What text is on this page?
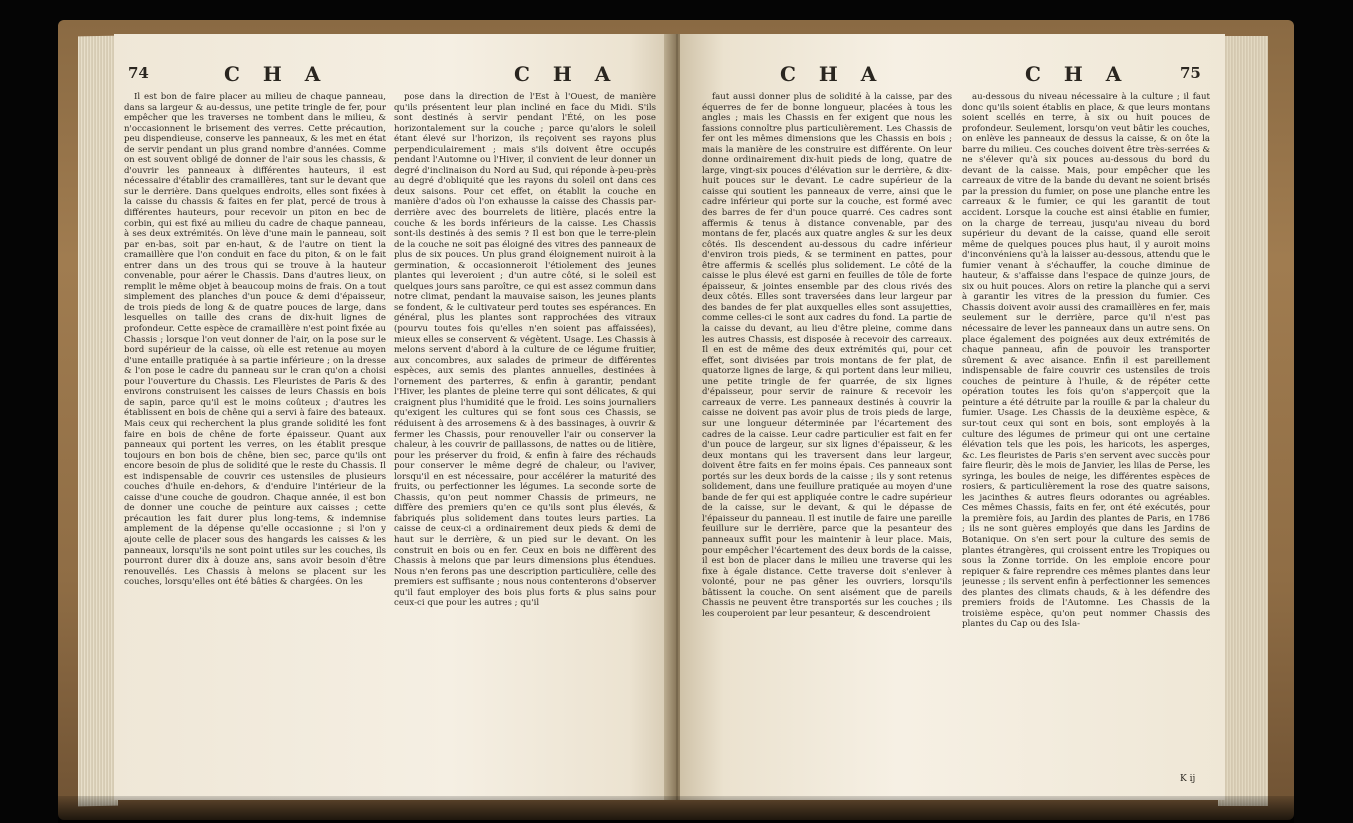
74	C H A	C H A

Il est bon de faire placer au milieu de chaque panneau, dans sa largeur & au-dessus, une petite tringle de fer, pour empêcher que les traverses ne tombent dans le milieu, & n'occasionnent le brisement des verres. Cette précaution, peu dispendieuse, conserve les panneaux, & les met en état de servir pendant un plus grand nombre d'années. Comme on est souvent obligé de donner de l'air sous les chassis, & d'ouvrir les panneaux à différentes hauteurs, il est nécessaire d'établir des cramaillères, tant sur le devant que sur le derrière. Dans quelques endroits, elles sont fixées à la caisse du chassis & faites en fer plat, percé de trous à différentes hauteurs, pour recevoir un piton en bec de corbin, qui est fixé au milieu du cadre de chaque panneau, à ses deux extrémités. On lève d'une main le panneau, soit par en-bas, soit par en-haut, & de l'autre on tient la cramaillère que l'on conduit en face du piton, & on le fait entrer dans un des trous qui se trouve à la hauteur convenable, pour aérer le Chassis. Dans d'autres lieux, on remplit le même objet à beaucoup moins de frais. On a tout simplement des planches d'un pouce & demi d'épaisseur, de trois pieds de long & de quatre pouces de large, dans lesquelles on taille des crans de dix-huit lignes de profondeur. Cette espèce de cramaillère n'est point fixée au Chassis ; lorsque l'on veut donner de l'air, on la pose sur le bord supérieur de la caisse, où elle est retenue au moyen d'une entaille pratiquée à sa partie inférieure ; on la dresse & l'on pose le cadre du panneau sur le cran qu'on a choisi pour l'ouverture du Chassis. Les Fleuristes de Paris & des environs construisent les caisses de leurs Chassis en bois de sapin, parce qu'il est le moins coûteux ; d'autres les établissent en bois de chêne qui a servi à faire des bateaux. Mais ceux qui recherchent la plus grande solidité les font faire en bois de chêne de forte épaisseur. Quant aux panneaux qui portent les verres, on les établit presque toujours en bon bois de chêne, bien sec, parce qu'ils ont encore besoin de plus de solidité que le reste du Chassis. Il est indispensable de couvrir ces ustensiles de plusieurs couches d'huile en-dehors, & d'enduire l'intérieur de la caisse d'une couche de goudron. Chaque année, il est bon de donner une couche de peinture aux caisses ; cette précaution les fait durer plus long-tems, & indemnise amplement de la dépense qu'elle occasionne ; si l'on y ajoute celle de placer sous des hangards les caisses & les panneaux, lorsqu'ils ne sont point utiles sur les couches, ils pourront durer dix à douze ans, sans avoir besoin d'être renouvellés. Les Chassis à melons se placent sur les couches, lorsqu'elles ont été bâties & chargées. On les

pose dans la direction de l'Est à l'Ouest, de manière qu'ils présentent leur plan incliné en face du Midi. S'ils sont destinés à servir pendant l'Été, on les pose horizontalement sur la couche ; parce qu'alors le soleil étant élevé sur l'horizon, ils reçoivent ses rayons plus perpendiculairement ; mais s'ils doivent être occupés pendant l'Automne ou l'Hiver, il convient de leur donner un degré d'inclinaison du Nord au Sud, qui réponde à-peu-près au degré d'obliquité que les rayons du soleil ont dans ces deux saisons. Pour cet effet, on établit la couche en manière d'ados où l'on exhausse la caisse des Chassis par-derrière avec des bourrelets de litière, placés entre la couche & les bords inférieurs de la caisse. Les Chassis sont-ils destinés à des semis ? Il est bon que le terre-plein de la couche ne soit pas éloigné des vitres des panneaux de plus de six pouces. Un plus grand éloignement nuiroit à la germination, & occasionneroit l'étiolement des jeunes plantes qui leveroient ; d'un autre côté, si le soleil est quelques jours sans paroître, ce qui est assez commun dans notre climat, pendant la mauvaise saison, les jeunes plants se fondent, & le cultivateur perd toutes ses espérances. En général, plus les plantes sont rapprochées des vitraux (pourvu toutes fois qu'elles n'en soient pas affaissées), mieux elles se conservent & végètent. Usage. Les Chassis à melons servent d'abord à la culture de ce légume fruitier, aux concombres, aux salades de primeur de différentes espèces, aux semis des plantes annuelles, destinées à l'ornement des parterres, & enfin à garantir, pendant l'Hiver, les plantes de pleine terre qui sont délicates, & qui craignent plus l'humidité que le froid. Les soins journaliers qu'exigent les cultures qui se font sous ces Chassis, se réduisent à des arrosemens & à des bassinages, à ouvrir & fermer les Chassis, pour renouveller l'air ou conserver la chaleur, à les couvrir de paillassons, de nattes ou de litière, pour les préserver du froid, & enfin à faire des réchauds pour conserver le même degré de chaleur, ou l'aviver, lorsqu'il en est nécessaire, pour accélérer la maturité des fruits, ou perfectionner les légumes. La seconde sorte de Chassis, qu'on peut nommer Chassis de primeurs, ne diffère des premiers qu'en ce qu'ils sont plus élevés, & fabriqués plus solidement dans toutes leurs parties. La caisse de ceux-ci a ordinairement deux pieds & demi de haut sur le derrière, & un pied sur le devant. On les construit en bois ou en fer. Ceux en bois ne diffèrent des Chassis à melons que par leurs dimensions plus étendues. Nous n'en ferons pas une description particulière, celle des premiers est suffisante ; nous nous contenterons d'observer qu'il faut employer des bois plus forts & plus sains pour ceux-ci que pour les autres ; qu'il

C H A	C H A	75

faut aussi donner plus de solidité à la caisse, par des équerres de fer de bonne longueur, placées à tous les angles ; mais les Chassis en fer exigent que nous les fassions connoître plus particulièrement. Les Chassis de fer ont les mêmes dimensions que les Chassis en bois ; mais la manière de les construire est différente. On leur donne ordinairement dix-huit pieds de long, quatre de large, vingt-six pouces d'élévation sur le derrière, & dix-huit pouces sur le devant. Le cadre supérieur de la caisse qui soutient les panneaux de verre, ainsi que le cadre inférieur qui porte sur la couche, est formé avec des barres de fer d'un pouce quarré. Ces cadres sont affermis & tenus à distance convenable, par des montans de fer, placés aux quatre angles & sur les deux côtés. Ils descendent au-dessous du cadre inférieur d'environ trois pieds, & se terminent en pattes, pour être affermis & scellés plus solidement. Le côté de la caisse le plus élevé est garni en feuilles de tôle de forte épaisseur, & jointes ensemble par des clous rivés des deux côtés. Elles sont traversées dans leur largeur par des bandes de fer plat auxquelles elles sont assujetties, comme celles-ci le sont aux cadres du fond. La partie de la caisse du devant, au lieu d'être pleine, comme dans les autres Chassis, est disposée à recevoir des carreaux. Il en est de même des deux extrémités qui, pour cet effet, sont divisées par trois montans de fer plat, de quatorze lignes de large, & qui portent dans leur milieu, une petite tringle de fer quarrée, de six lignes d'épaisseur, pour servir de rainure & recevoir les carreaux de verre. Les panneaux destinés à couvrir la caisse ne doivent pas avoir plus de trois pieds de large, sur une longueur déterminée par l'écartement des cadres de la caisse. Leur cadre particulier est fait en fer d'un pouce de largeur, sur six lignes d'épaisseur, & les deux montans qui les traversent dans leur largeur, doivent être faits en fer moins épais. Ces panneaux sont portés sur les deux bords de la caisse ; ils y sont retenus solidement, dans une feuillure pratiquée au moyen d'une bande de fer qui est appliquée contre le cadre supérieur de la caisse, sur le devant, & qui le dépasse de l'épaisseur du panneau. Il est inutile de faire une pareille feuillure sur le derrière, parce que la pesanteur des panneaux suffit pour les maintenir à leur place. Mais, pour empêcher l'écartement des deux bords de la caisse, il est bon de placer dans le milieu une traverse qui les fixe à égale distance. Cette traverse doit s'enlever à volonté, pour ne pas gêner les ouvriers, lorsqu'ils bâtissent la couche. On sent aisément que de pareils Chassis ne peuvent être transportés sur les couches ; ils les couperoient par leur pesanteur, & descendroient

au-dessous du niveau nécessaire à la culture ; il faut donc qu'ils soient établis en place, & que leurs montans soient scellés en terre, à six ou huit pouces de profondeur. Seulement, lorsqu'on veut bâtir les couches, on enlève les panneaux de dessus la caisse, & on ôte la barre du milieu. Ces couches doivent être très-serrées & ne s'élever qu'à six pouces au-dessous du bord du devant de la caisse. Mais, pour empêcher que les carreaux de vitre de la bande du devant ne soient brisés par la pression du fumier, on pose une planche entre les carreaux & le fumier, ce qui les garantit de tout accident. Lorsque la couche est ainsi établie en fumier, on la charge de terreau, jusqu'au niveau du bord supérieur du devant de la caisse, quand elle seroit même de quelques pouces plus haut, il y auroit moins d'inconvéniens qu'à la laisser au-dessous, attendu que le fumier venant à s'échauffer, la couche diminue de hauteur, & s'affaisse dans l'espace de quinze jours, de six ou huit pouces. Alors on retire la planche qui a servi à garantir les vitres de la pression du fumier. Ces Chassis doivent avoir aussi des cramaillères en fer, mais seulement sur le derrière, parce qu'il n'est pas nécessaire de lever les panneaux dans un autre sens. On place également des poignées aux deux extrémités de chaque panneau, afin de pouvoir les transporter sûrement & avec aisance. Enfin il est pareillement indispensable de faire couvrir ces ustensiles de trois couches de peinture à l'huile, & de répéter cette opération toutes les fois qu'on s'apperçoit que la peinture a été détruite par la rouille & par la chaleur du fumier. Usage. Les Chassis de la deuxième espèce, & sur-tout ceux qui sont en bois, sont employés à la culture des légumes de primeur qui ont une certaine élévation tels que les pois, les haricots, les asperges, &c. Les fleuristes de Paris s'en servent avec succès pour faire fleurir, dès le mois de Janvier, les lilas de Perse, les syringa, les boules de neige, les différentes espèces de rosiers, & particulièrement la rose des quatre saisons, les jacinthes & autres fleurs odorantes ou agréables. Ces mêmes Chassis, faits en fer, ont été exécutés, pour la première fois, au Jardin des plantes de Paris, en 1786 ; ils ne sont guères employés que dans les Jardins de Botanique. On s'en sert pour la culture des semis de plantes étrangères, qui croissent entre les Tropiques ou sous la Zonne torride. On les emploie encore pour repiquer & faire reprendre ces mêmes plantes dans leur jeunesse ; ils servent enfin à perfectionner les semences des plantes des climats chauds, & à les défendre des premiers froids de l'Automne. Les Chassis de la troisième espèce, qu'on peut nommer Chassis des plantes du Cap ou des Isla-

K ij
